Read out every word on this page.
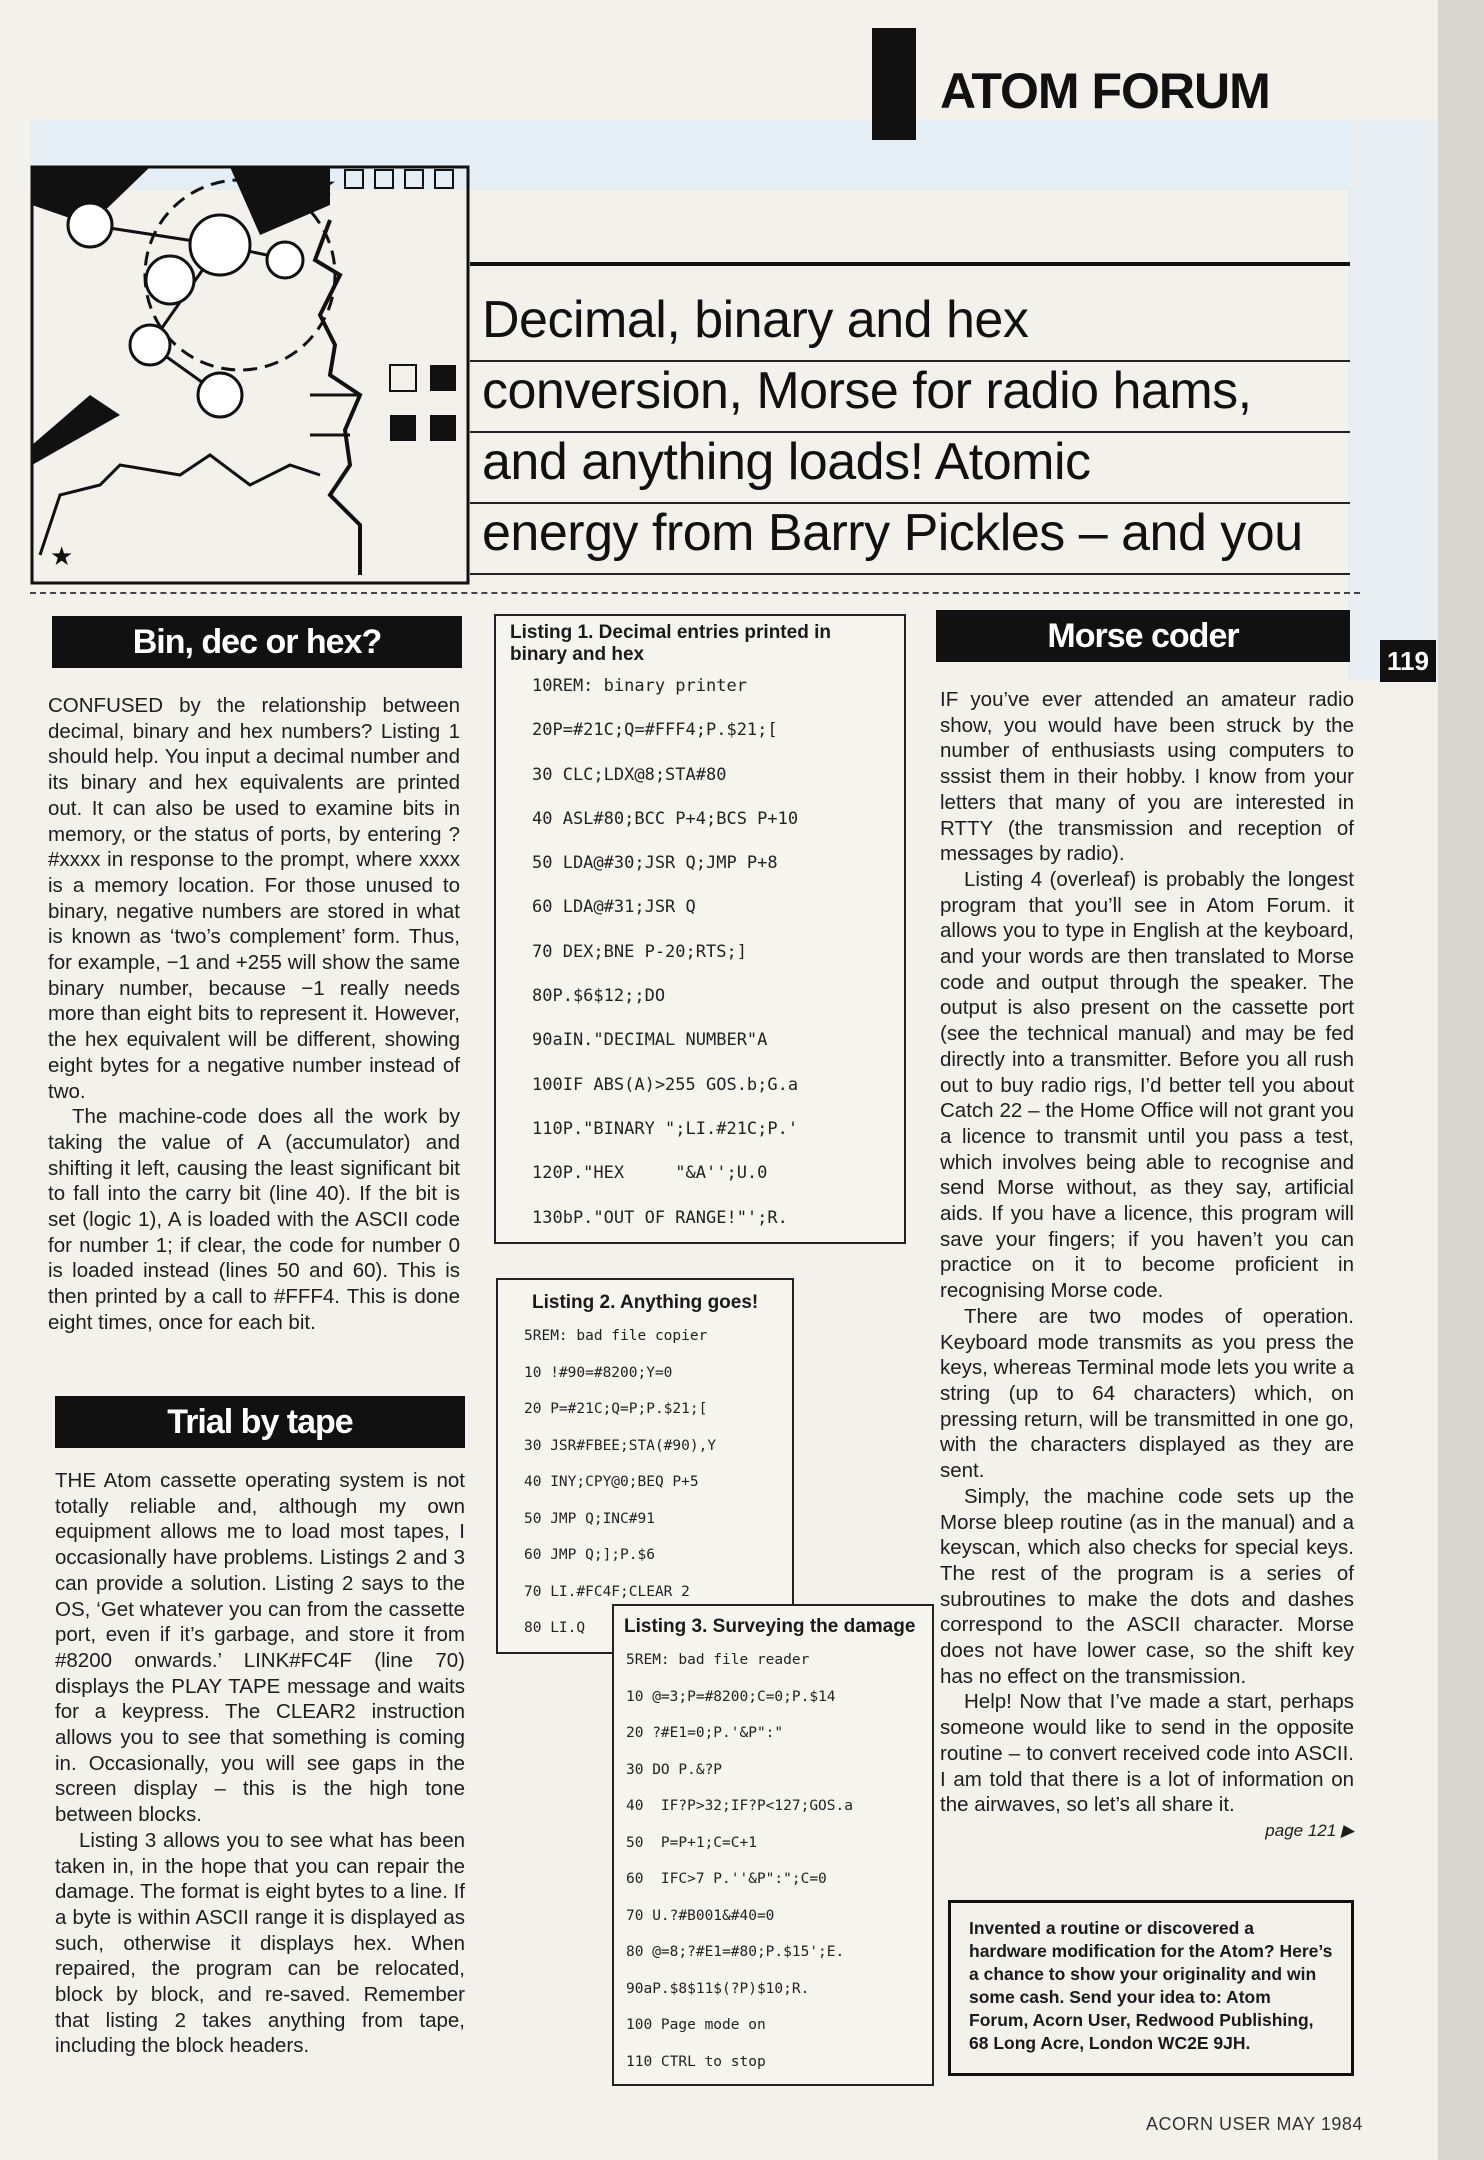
ATOM FORUM
★
★
Decimal, binary and hex
conversion, Morse for radio hams,
and anything loads! Atomic
energy from Barry Pickles – and you
119
Bin, dec or hex?

CONFUSED by the relationship between decimal, binary and hex numbers? Listing 1 should help. You input a decimal number and its binary and hex equivalents are printed out. It can also be used to examine bits in memory, or the status of ports, by entering ?#xxxx in response to the prompt, where xxxx is a memory location. For those unused to binary, negative numbers are stored in what is known as ‘two’s complement’ form. Thus, for example, −1 and +255 will show the same binary number, because −1 really needs more than eight bits to represent it. However, the hex equivalent will be different, showing eight bytes for a negative number instead of two.

The machine-code does all the work by taking the value of A (accumulator) and shifting it left, causing the least significant bit to fall into the carry bit (line 40). If the bit is set (logic 1), A is loaded with the ASCII code for number 1; if clear, the code for number 0 is loaded instead (lines 50 and 60). This is then printed by a call to #FFF4. This is done eight times, once for each bit.

Trial by tape

THE Atom cassette operating system is not totally reliable and, although my own equipment allows me to load most tapes, I occasionally have problems. Listings 2 and 3 can provide a solution. Listing 2 says to the OS, ‘Get whatever you can from the cassette port, even if it’s garbage, and store it from #8200 onwards.’ LINK#FC4F (line 70) displays the PLAY TAPE message and waits for a keypress. The CLEAR2 instruction allows you to see that something is coming in. Occasionally, you will see gaps in the screen display – this is the high tone between blocks.

Listing 3 allows you to see what has been taken in, in the hope that you can repair the damage. The format is eight bytes to a line. If a byte is within ASCII range it is displayed as such, otherwise it displays hex. When repaired, the program can be relocated, block by block, and re-saved. Remember that listing 2 takes anything from tape, including the block headers.

Listing 1. Decimal entries printed in binary and hex
10REM: binary printer
20P=#21C;Q=#FFF4;P.$21;[
30 CLC;LDX@8;STA#80
40 ASL#80;BCC P+4;BCS P+10
50 LDA@#30;JSR Q;JMP P+8
60 LDA@#31;JSR Q
70 DEX;BNE P-20;RTS;]
80P.$6$12;;DO
90aIN."DECIMAL NUMBER"A
100IF ABS(A)>255 GOS.b;G.a
110P."BINARY ";LI.#21C;P.'
120P."HEX     "&A'';U.0
130bP."OUT OF RANGE!"';R.
Listing 2. Anything goes!
5REM: bad file copier
10 !#90=#8200;Y=0
20 P=#21C;Q=P;P.$21;[
30 JSR#FBEE;STA(#90),Y
40 INY;CPY@0;BEQ P+5
50 JMP Q;INC#91
60 JMP Q;];P.$6
70 LI.#FC4F;CLEAR 2
80 LI.Q	Listing 3. Surveying the damage
5REM: bad file reader
10 @=3;P=#8200;C=0;P.$14
20 ?#E1=0;P.'&P":"
30 DO P.&?P
40  IF?P>32;IF?P<127;GOS.a
50  P=P+1;C=C+1
60  IFC>7 P.''&P":";C=0
70 U.?#B001&#40=0
80 @=8;?#E1=#80;P.$15';E.
90aP.$8$11$(?P)$10;R.
100 Page mode on
110 CTRL to stop
Morse coder

IF you’ve ever attended an amateur radio show, you would have been struck by the number of enthusiasts using computers to sssist them in their hobby. I know from your letters that many of you are interested in RTTY (the transmission and reception of messages by radio).

Listing 4 (overleaf) is probably the longest program that you’ll see in Atom Forum. it allows you to type in English at the keyboard, and your words are then translated to Morse code and output through the speaker. The output is also present on the cassette port (see the technical manual) and may be fed directly into a transmitter. Before you all rush out to buy radio rigs, I’d better tell you about Catch 22 – the Home Office will not grant you a licence to transmit until you pass a test, which involves being able to recognise and send Morse without, as they say, artificial aids. If you have a licence, this program will save your fingers; if you haven’t you can practice on it to become proficient in recognising Morse code.

There are two modes of operation. Keyboard mode transmits as you press the keys, whereas Terminal mode lets you write a string (up to 64 characters) which, on pressing return, will be transmitted in one go, with the characters displayed as they are sent.

Simply, the machine code sets up the Morse bleep routine (as in the manual) and a keyscan, which also checks for special keys. The rest of the program is a series of subroutines to make the dots and dashes correspond to the ASCII character. Morse does not have lower case, so the shift key has no effect on the transmission.

Help! Now that I’ve made a start, perhaps someone would like to send in the opposite routine – to convert received code into ASCII. I am told that there is a lot of information on the airwaves, so let’s all share it.

page 121 ▶
Invented a routine or discovered a hardware modification for the Atom? Here’s a chance to show your originality and win some cash. Send your idea to: Atom Forum, Acorn User, Redwood Publishing, 68 Long Acre, London WC2E 9JH.
ACORN USER MAY 1984
